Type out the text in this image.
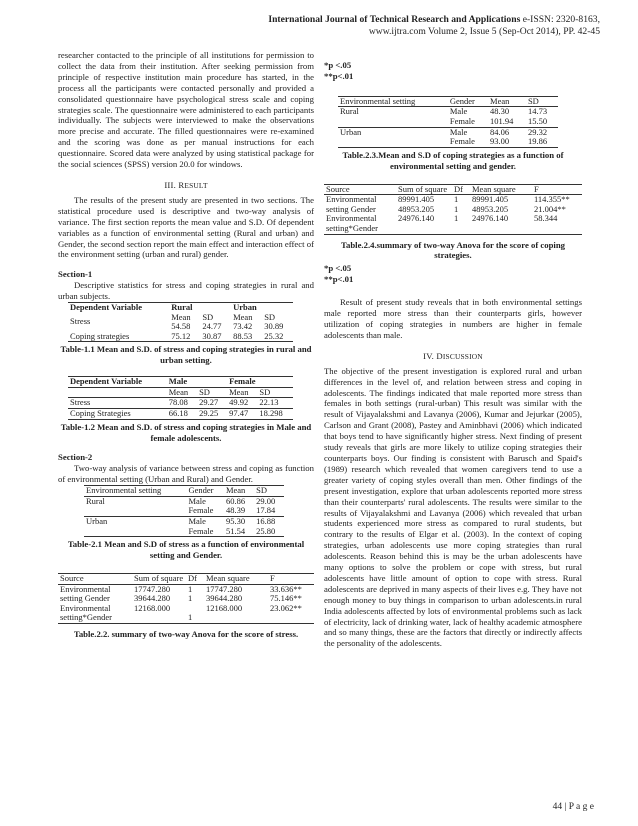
International Journal of Technical Research and Applications e-ISSN: 2320-8163,
www.ijtra.com Volume 2, Issue 5 (Sep-Oct 2014), PP. 42-45

researcher contacted to the principle of all institutions for permission to collect the data from their institution. After seeking permission from principle of respective institution main procedure has started, in the process all the participants were contacted personally and provided a consolidated questionnaire have psychological stress scale and coping strategies scale. The questionnaire were administered to each participants individually. The subjects were interviewed to make the observations more precise and accurate. The filled questionnaires were re-examined and the scoring was done as per manual instructions for each questionnaire. Scored data were analyzed by using statistical package for the social sciences (SPSS) version 20.0 for windows.

III. RESULT

The results of the present study are presented in two sections. The statistical procedure used is descriptive and two-way analysis of variance. The first section reports the mean value and S.D. Of dependent variables as a function of environmental setting (Rural and urban) and Gender, the second section report the main effect and interaction effect of the environment setting (urban and rural) gender.

Section-1

Descriptive statistics for stress and coping strategies in rural and urban subjects.

Dependent Variable	Rural		Urban	
Stress	Mean	SD	Mean	SD
	54.58	24.77	73.42	30.89
Coping strategies	75.12	30.87	88.53	25.32

Table-1.1 Mean and S.D. of stress and coping strategies in rural and urban setting.

Dependent Variable	Male		Female	
	Mean	SD	Mean	SD
Stress	78.08	29.27	49.92	22.13
Coping Strategies	66.18	29.25	97.47	18.298

Table-1.2 Mean and S.D. of stress and coping strategies in Male and female adolescents.

Section-2

Two-way analysis of variance between stress and coping as function of environmental setting (Urban and Rural) and Gender.

Environmental setting	Gender	Mean	SD
Rural	Male	60.86	29.00
	Female	48.39	17.84
Urban	Male	95.30	16.88
	Female	51.54	25.80

Table-2.1 Mean and S.D of stress as a function of environmental setting and Gender.

Source	Sum of square	Df	Mean square	F
Environmental	17747.280	1	17747.280	33.636**
setting Gender	39644.280	1	39644.280	75.146**
Environmental	12168.000		12168.000	23.062**
setting*Gender		1		

Table.2.2. summary of two-way Anova for the score of stress.

*p <.05

**p<.01

Environmental setting	Gender	Mean	SD
Rural	Male	48.30	14.73
	Female	101.94	15.50
Urban	Male	84.06	29.32
	Female	93.00	19.86

Table.2.3.Mean and S.D of coping strategies as a function of environmental setting and gender.

Source	Sum of square	Df	Mean square	F
Environmental	89991.405	1	89991.405	114.355**
setting Gender	48953.205	1	48953.205	21.004**
Environmental	24976.140	1	24976.140	58.344
setting*Gender				

Table.2.4.summary of two-way Anova for the score of coping strategies.

*p <.05

**p<.01

Result of present study reveals that in both environmental settings male reported more stress than their counterparts girls, however utilization of coping strategies in numbers are higher in female adolescents than male.

IV. DISCUSSION

The objective of the present investigation is explored rural and urban differences in the level of, and relation between stress and coping in adolescents. The findings indicated that male reported more stress than females in both settings (rural-urban) This result was similar with the result of Vijayalakshmi and Lavanya (2006), Kumar and Jejurkar (2005), Carlson and Grant (2008), Pastey and Aminbhavi (2006) which indicated that boys tend to have significantly higher stress. Next finding of present study reveals that girls are more likely to utilize coping strategies their counterparts boys. Our finding is consistent with Barusch and Spaid's (1989) research which revealed that women caregivers tend to use a greater variety of coping styles overall than men. Other findings of the present investigation, explore that urban adolescents reported more stress than their counterparts' rural adolescents. The results were similar to the results of Vijayalakshmi and Lavanya (2006) which revealed that urban students experienced more stress as compared to rural students, but contrary to the results of Elgar et al. (2003). In the context of coping strategies, urban adolescents use more coping strategies than rural adolescents. Reason behind this is may be the urban adolescents have many options to solve the problem or cope with stress, but rural adolescents have little amount of option to cope with stress. Rural adolescents are deprived in many aspects of their lives e.g. They have not enough money to buy things in comparison to urban adolescents.in rural India adolescents affected by lots of environmental problems such as lack of electricity, lack of drinking water, lack of healthy academic atmosphere and so many things, these are the factors that directly or indirectly affects the personality of the adolescents.

44 | P a g e
